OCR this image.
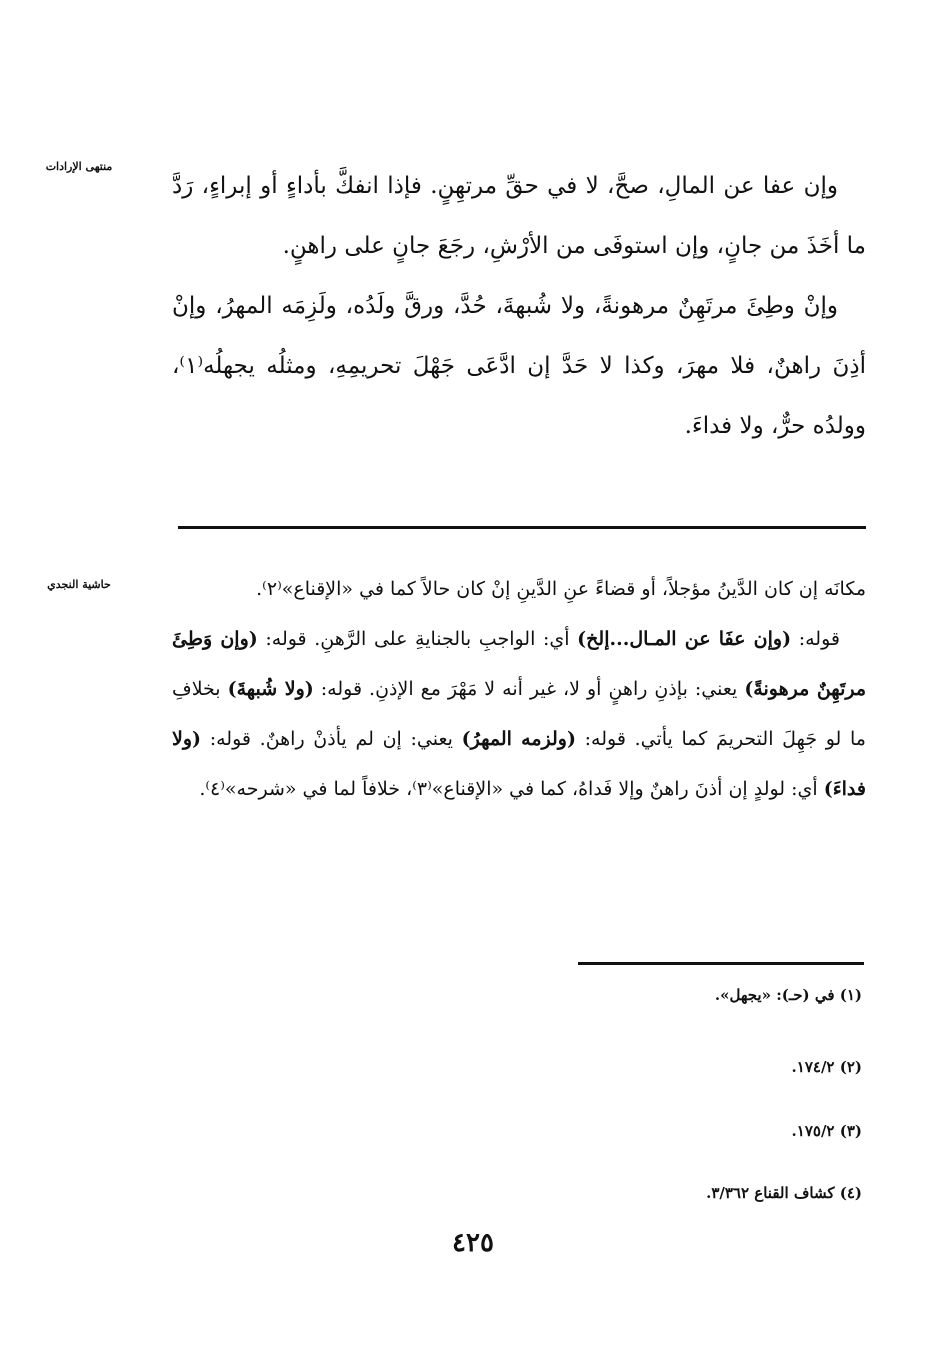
منتهى الإرادات

وإن عفا عن المالِ، صحَّ، لا في حقِّ مرتهِنٍ. فإذا انفكَّ بأداءٍ أو إبراءٍ، رَدَّ ما أخَذَ من جانٍ، وإن استوفَى من الأرْشِ، رجَعَ جانٍ على راهنٍ.

وإنْ وطِئَ مرتَهِنٌ مرهونةً، ولا شُبهةَ، حُدَّ، ورقَّ ولَدُه، ولَزِمَه المهرُ، وإنْ أذِنَ راهنٌ، فلا مهرَ، وكذا لا حَدَّ إن ادَّعَى جَهْلَ تحريمِهِ، ومثلُه يجهلُه⁽١⁾، وولدُه حرٌّ، ولا فداءَ.

حاشية النجدي	مكانَه إن كان الدَّينُ مؤجلاً، أو قضاءً عنِ الدَّينِ إنْ كان حالاً كما في «الإقناع»⁽٢⁾.

قوله: (وإن عفَا عن المـال...إلخ) أي: الواجبِ بالجنايةِ على الرَّهنِ. قوله: (وإن وَطِئَ مرتَهِنٌ مرهونةً) يعني: بإذنِ راهنٍ أو لا، غير أنه لا مَهْرَ مع الإذنِ. قوله: (ولا شُبهةَ) بخلافِ ما لو جَهِلَ التحريمَ كما يأتي. قوله: (ولزمه المهرُ) يعني: إن لم يأذنْ راهنٌ. قوله: (ولا فداءَ) أي: لولدٍ إن أذنَ راهنٌ وإلا فَداهُ، كما في «الإقناع»⁽٣⁾، خلافاً لما في «شرحه»⁽٤⁾.

(١) في (حـ): «يجهل».
(٢) ١٧٤/٢.
(٣) ١٧٥/٢.
(٤) كشاف القناع ٣/٣٦٢.
٤٢٥
